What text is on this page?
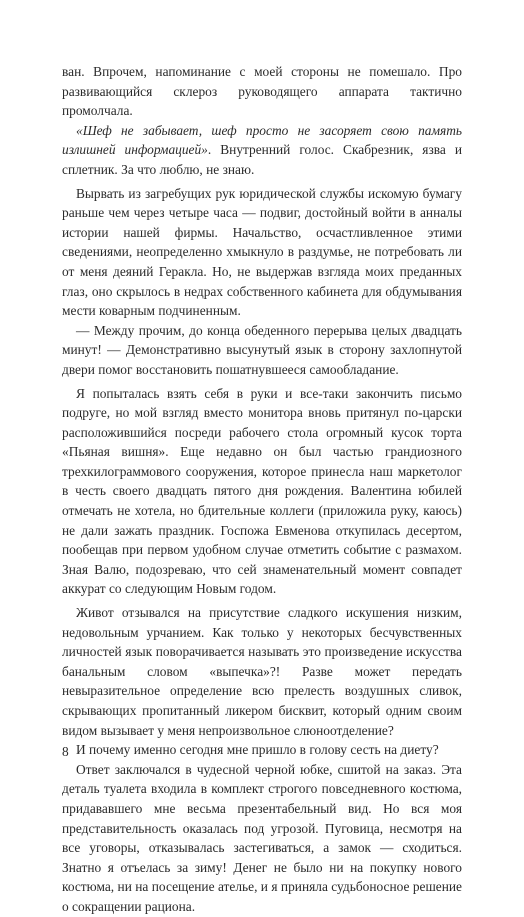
ван. Впрочем, напоминание с моей стороны не помешало. Про развивающийся склероз руководящего аппарата тактично промолчала.

«Шеф не забывает, шеф просто не засоряет свою память излишней информацией». Внутренний голос. Скабрезник, язва и сплетник. За что люблю, не знаю.

Вырвать из загребущих рук юридической службы искомую бумагу раньше чем через четыре часа — подвиг, достойный войти в анналы истории нашей фирмы. Начальство, осчастливленное этими сведениями, неопределенно хмыкнуло в раздумье, не потребовать ли от меня деяний Геракла. Но, не выдержав взгляда моих преданных глаз, оно скрылось в недрах собственного кабинета для обдумывания мести коварным подчиненным.

— Между прочим, до конца обеденного перерыва целых двадцать минут! — Демонстративно высунутый язык в сторону захлопнутой двери помог восстановить пошатнувшееся самообладание.

Я попыталась взять себя в руки и все-таки закончить письмо подруге, но мой взгляд вместо монитора вновь притянул по-царски расположившийся посреди рабочего стола огромный кусок торта «Пьяная вишня». Еще недавно он был частью грандиозного трехкилограммового сооружения, которое принесла наш маркетолог в честь своего двадцать пятого дня рождения. Валентина юбилей отмечать не хотела, но бдительные коллеги (приложила руку, каюсь) не дали зажать праздник. Госпожа Евменова откупилась десертом, пообещав при первом удобном случае отметить событие с размахом. Зная Валю, подозреваю, что сей знаменательный момент совпадет аккурат со следующим Новым годом.

Живот отзывался на присутствие сладкого искушения низким, недовольным урчанием. Как только у некоторых бесчувственных личностей язык поворачивается называть это произведение искусства банальным словом «выпечка»?! Разве может передать невыразительное определение всю прелесть воздушных сливок, скрывающих пропитанный ликером бисквит, который одним своим видом вызывает у меня непроизвольное слюноотделение?

И почему именно сегодня мне пришло в голову сесть на диету?

Ответ заключался в чудесной черной юбке, сшитой на заказ. Эта деталь туалета входила в комплект строгого повседневного костюма, придававшего мне весьма презентабельный вид. Но вся моя представительность оказалась под угрозой. Пуговица, несмотря на все уговоры, отказывалась застегиваться, а замок — сходиться. Знатно я отъелась за зиму! Денег не было ни на покупку нового костюма, ни на посещение ателье, и я приняла судьбоносное решение о сокращении рациона.

8
